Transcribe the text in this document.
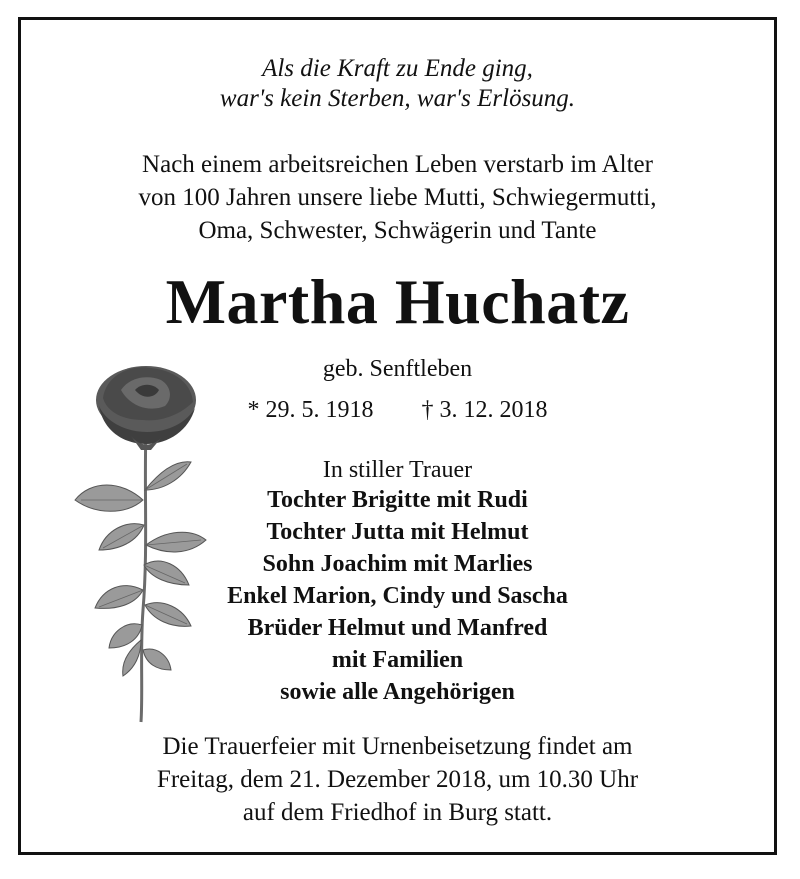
Als die Kraft zu Ende ging,
war's kein Sterben, war's Erlösung.
Nach einem arbeitsreichen Leben verstarb im Alter
von 100 Jahren unsere liebe Mutti, Schwiegermutti,
Oma, Schwester, Schwägerin und Tante
Martha Huchatz
geb. Senftleben
* 29. 5. 1918 † 3. 12. 2018
In stiller Trauer
Tochter Brigitte mit Rudi
Tochter Jutta mit Helmut
Sohn Joachim mit Marlies
Enkel Marion, Cindy und Sascha
Brüder Helmut und Manfred
mit Familien
sowie alle Angehörigen
Die Trauerfeier mit Urnenbeisetzung findet am
Freitag, dem 21. Dezember 2018, um 10.30 Uhr
auf dem Friedhof in Burg statt.
